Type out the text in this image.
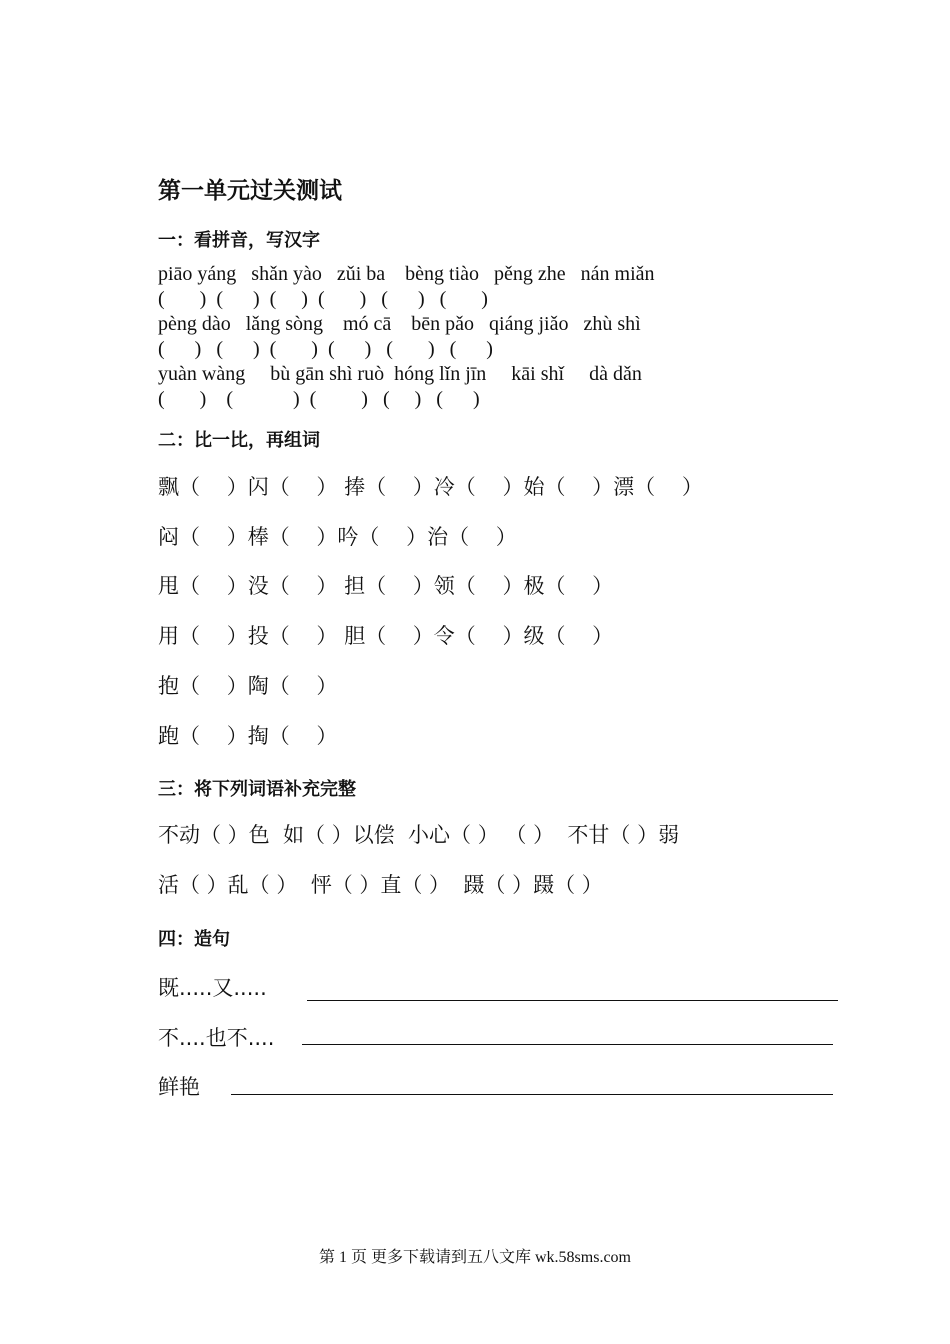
第一单元过关测试
一：看拼音，写汉字
piāo yáng   shǎn yào   zǔi ba    bèng tiào   pěng zhe   nán miǎn
(       )  (      )  (     )  (       )   (      )   (       )
pèng dào   lǎng sòng    mó cā    bēn pǎo   qiáng jiǎo   zhù shì
(      )   (      )  (       )  (      )   (       )   (      )
yuàn wàng     bù gān shì ruò  hóng lǐn jīn     kāi shǐ     dà dǎn
(       )    (            )  (         )   (     )   (      )
二：比一比，再组词
飘（    ）闪（    ） 捧（    ）冷（    ）始（    ）漂（    ）
闷（    ）棒（    ）吟（    ）治（    ）
甩（    ）没（    ） 担（    ）领（    ）极（    ）
用（    ）投（    ） 胆（    ）令（    ）级（    ）
抱（    ）陶（    ）
跑（    ）掏（    ）
三：将下列词语补充完整
不动（ ）色  如（ ）以偿  小心（ ） （ ）  不甘（ ）弱
活（ ）乱（ ）  怦（ ）直（ ）  蹑（ ）蹑（ ）
四：造句
既.....又.....
不....也不....
鲜艳
第 1 页 更多下载请到五八文库 wk.58sms.com
